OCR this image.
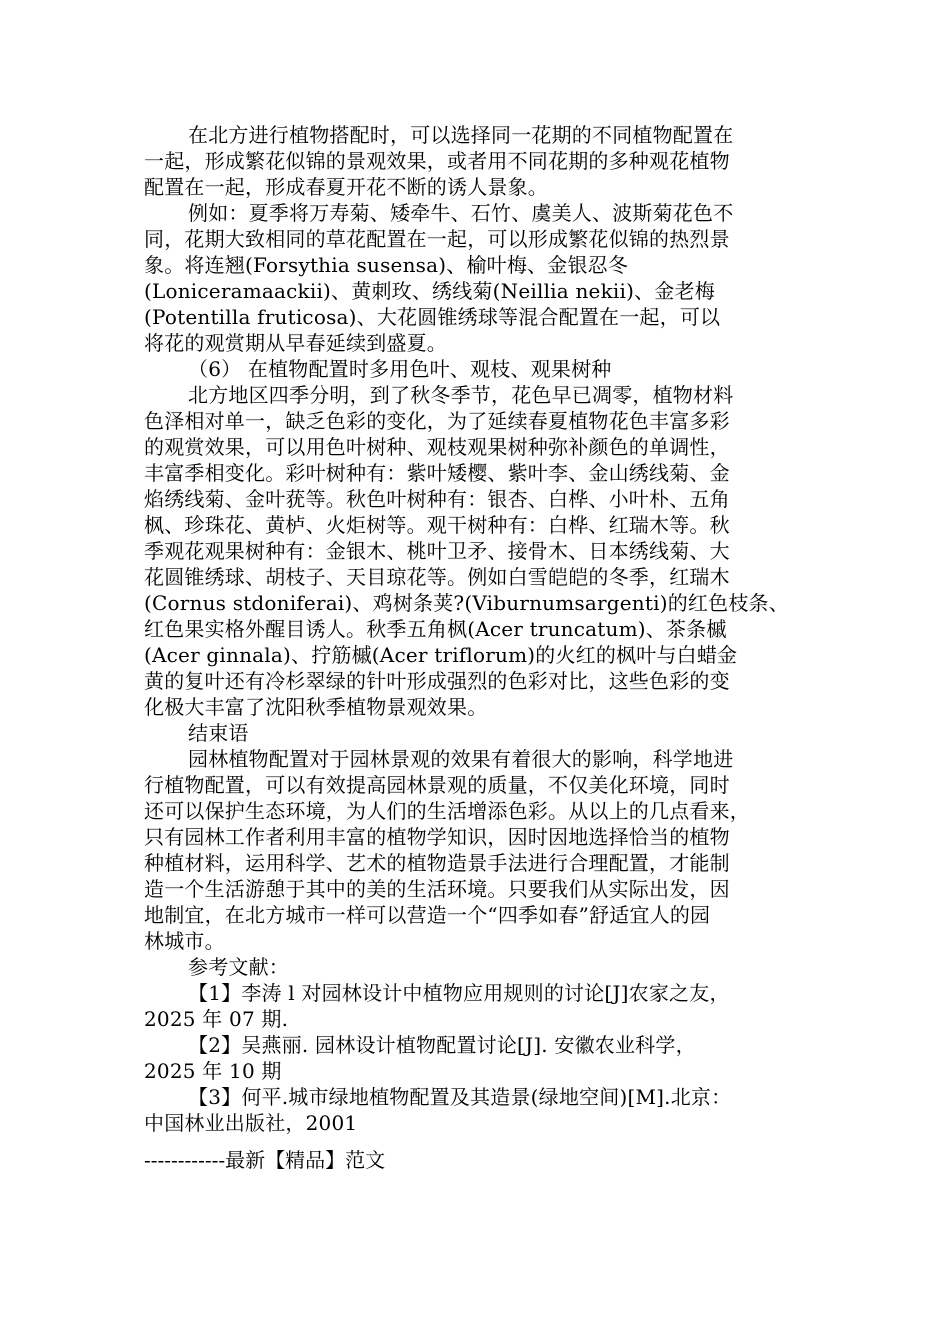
在北方进行植物搭配时，可以选择同一花期的不同植物配置在
一起，形成繁花似锦的景观效果，或者用不同花期的多种观花植物
配置在一起，形成春夏开花不断的诱人景象。
例如：夏季将万寿菊、矮牵牛、石竹、虞美人、波斯菊花色不
同，花期大致相同的草花配置在一起，可以形成繁花似锦的热烈景
象。将连翘(Forsythia susensa)、榆叶梅、金银忍冬
(Loniceramaackii)、黄刺玫、绣线菊(Neillia nekii)、金老梅
(Potentilla fruticosa)、大花圆锥绣球等混合配置在一起，可以
将花的观赏期从早春延续到盛夏。
（6） 在植物配置时多用色叶、观枝、观果树种
北方地区四季分明，到了秋冬季节，花色早已凋零，植物材料
色泽相对单一，缺乏色彩的变化，为了延续春夏植物花色丰富多彩
的观赏效果，可以用色叶树种、观枝观果树种弥补颜色的单调性，
丰富季相变化。彩叶树种有：紫叶矮樱、紫叶李、金山绣线菊、金
焰绣线菊、金叶莸等。秋色叶树种有：银杏、白桦、小叶朴、五角
枫、珍珠花、黄栌、火炬树等。观干树种有：白桦、红瑞木等。秋
季观花观果树种有：金银木、桃叶卫矛、接骨木、日本绣线菊、大
花圆锥绣球、胡枝子、天目琼花等。例如白雪皑皑的冬季，红瑞木
(Cornus stdoniferai)、鸡树条荚?(Viburnumsargenti)的红色枝条、
红色果实格外醒目诱人。秋季五角枫(Acer truncatum)、茶条槭
(Acer ginnala)、拧筋槭(Acer triflorum)的火红的枫叶与白蜡金
黄的复叶还有冷杉翠绿的针叶形成强烈的色彩对比，这些色彩的变
化极大丰富了沈阳秋季植物景观效果。
结束语
园林植物配置对于园林景观的效果有着很大的影响，科学地进
行植物配置，可以有效提高园林景观的质量，不仅美化环境，同时
还可以保护生态环境，为人们的生活增添色彩。从以上的几点看来，
只有园林工作者利用丰富的植物学知识，因时因地选择恰当的植物
种植材料，运用科学、艺术的植物造景手法进行合理配置，才能制
造一个生活游憩于其中的美的生活环境。只要我们从实际出发，因
地制宜，在北方城市一样可以营造一个“四季如春”舒适宜人的园
林城市。
参考文献：
【1】李涛 l 对园林设计中植物应用规则的讨论[J]农家之友，
2025 年 07 期.
【2】吴燕丽. 园林设计植物配置讨论[J]. 安徽农业科学，
2025 年 10 期
【3】何平.城市绿地植物配置及其造景(绿地空间)[M].北京：
中国林业出版社，2001
------------最新【精品】范文
